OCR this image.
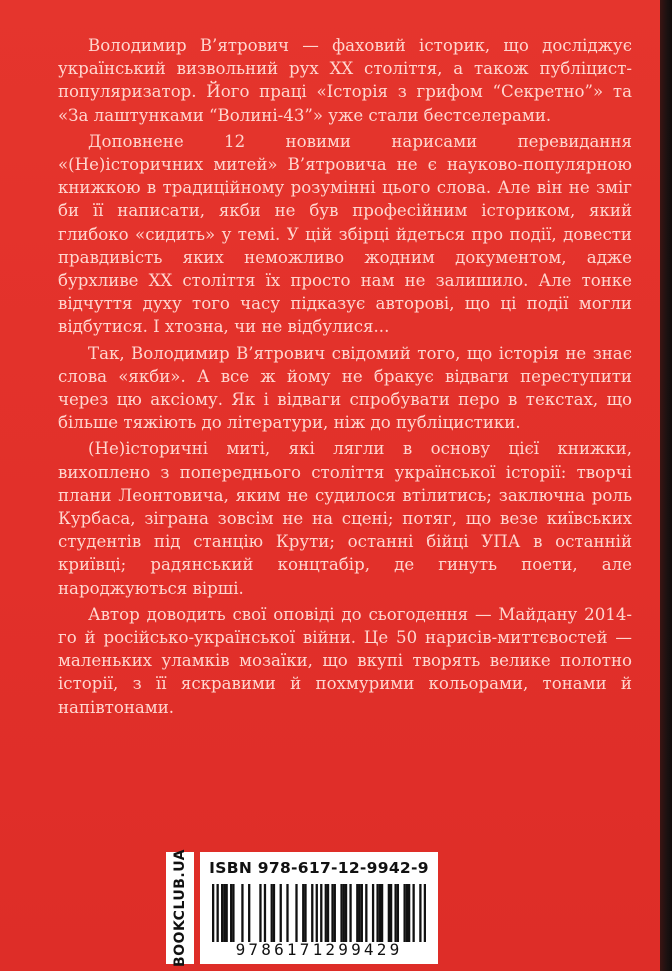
Володимир В’ятрович — фаховий історик, що досліджує український визвольний рух XX століття, а також публіцист-популяризатор. Його праці «Історія з грифом “Секретно”» та «За лаштунками “Волині-43”» уже стали бестселерами.

Доповнене 12 новими нарисами перевидання «(Не)історичних митей» В’ятровича не є науково-популярною книжкою в традиційному розумінні цього слова. Але він не зміг би її написати, якби не був професійним істориком, який глибоко «сидить» у темі. У цій збірці йдеться про події, довести правдивість яких неможливо жодним документом, адже бурхливе XX століття їх просто нам не залишило. Але тонке відчуття духу того часу підказує авторові, що ці події могли відбутися. І хтозна, чи не відбулися...

Так, Володимир В’ятрович свідомий того, що історія не знає слова «якби». А все ж йому не бракує відваги переступити через цю аксіому. Як і відваги спробувати перо в текстах, що більше тяжіють до літератури, ніж до публіцистики.

(Не)історичні миті, які лягли в основу цієї книжки, вихоплено з попереднього століття української історії: творчі плани Леонтовича, яким не судилося втілитись; заключна роль Курбаса, зіграна зовсім не на сцені; потяг, що везе київських студентів під станцію Крути; останні бійці УПА в останній криївці; радянський концтабір, де гинуть поети, але народжуються вірші.

Автор доводить свої оповіді до сьогодення — Майдану 2014-го й російсько-української війни. Це 50 нарисів-миттєвостей — маленьких уламків мозаїки, що вкупі творять велике полотно історії, з її яскравими й похмурими кольорами, тонами й напівтонами.

BOOKCLUB.UA	ISBN 978-617-12-9942-9
9786171299429
